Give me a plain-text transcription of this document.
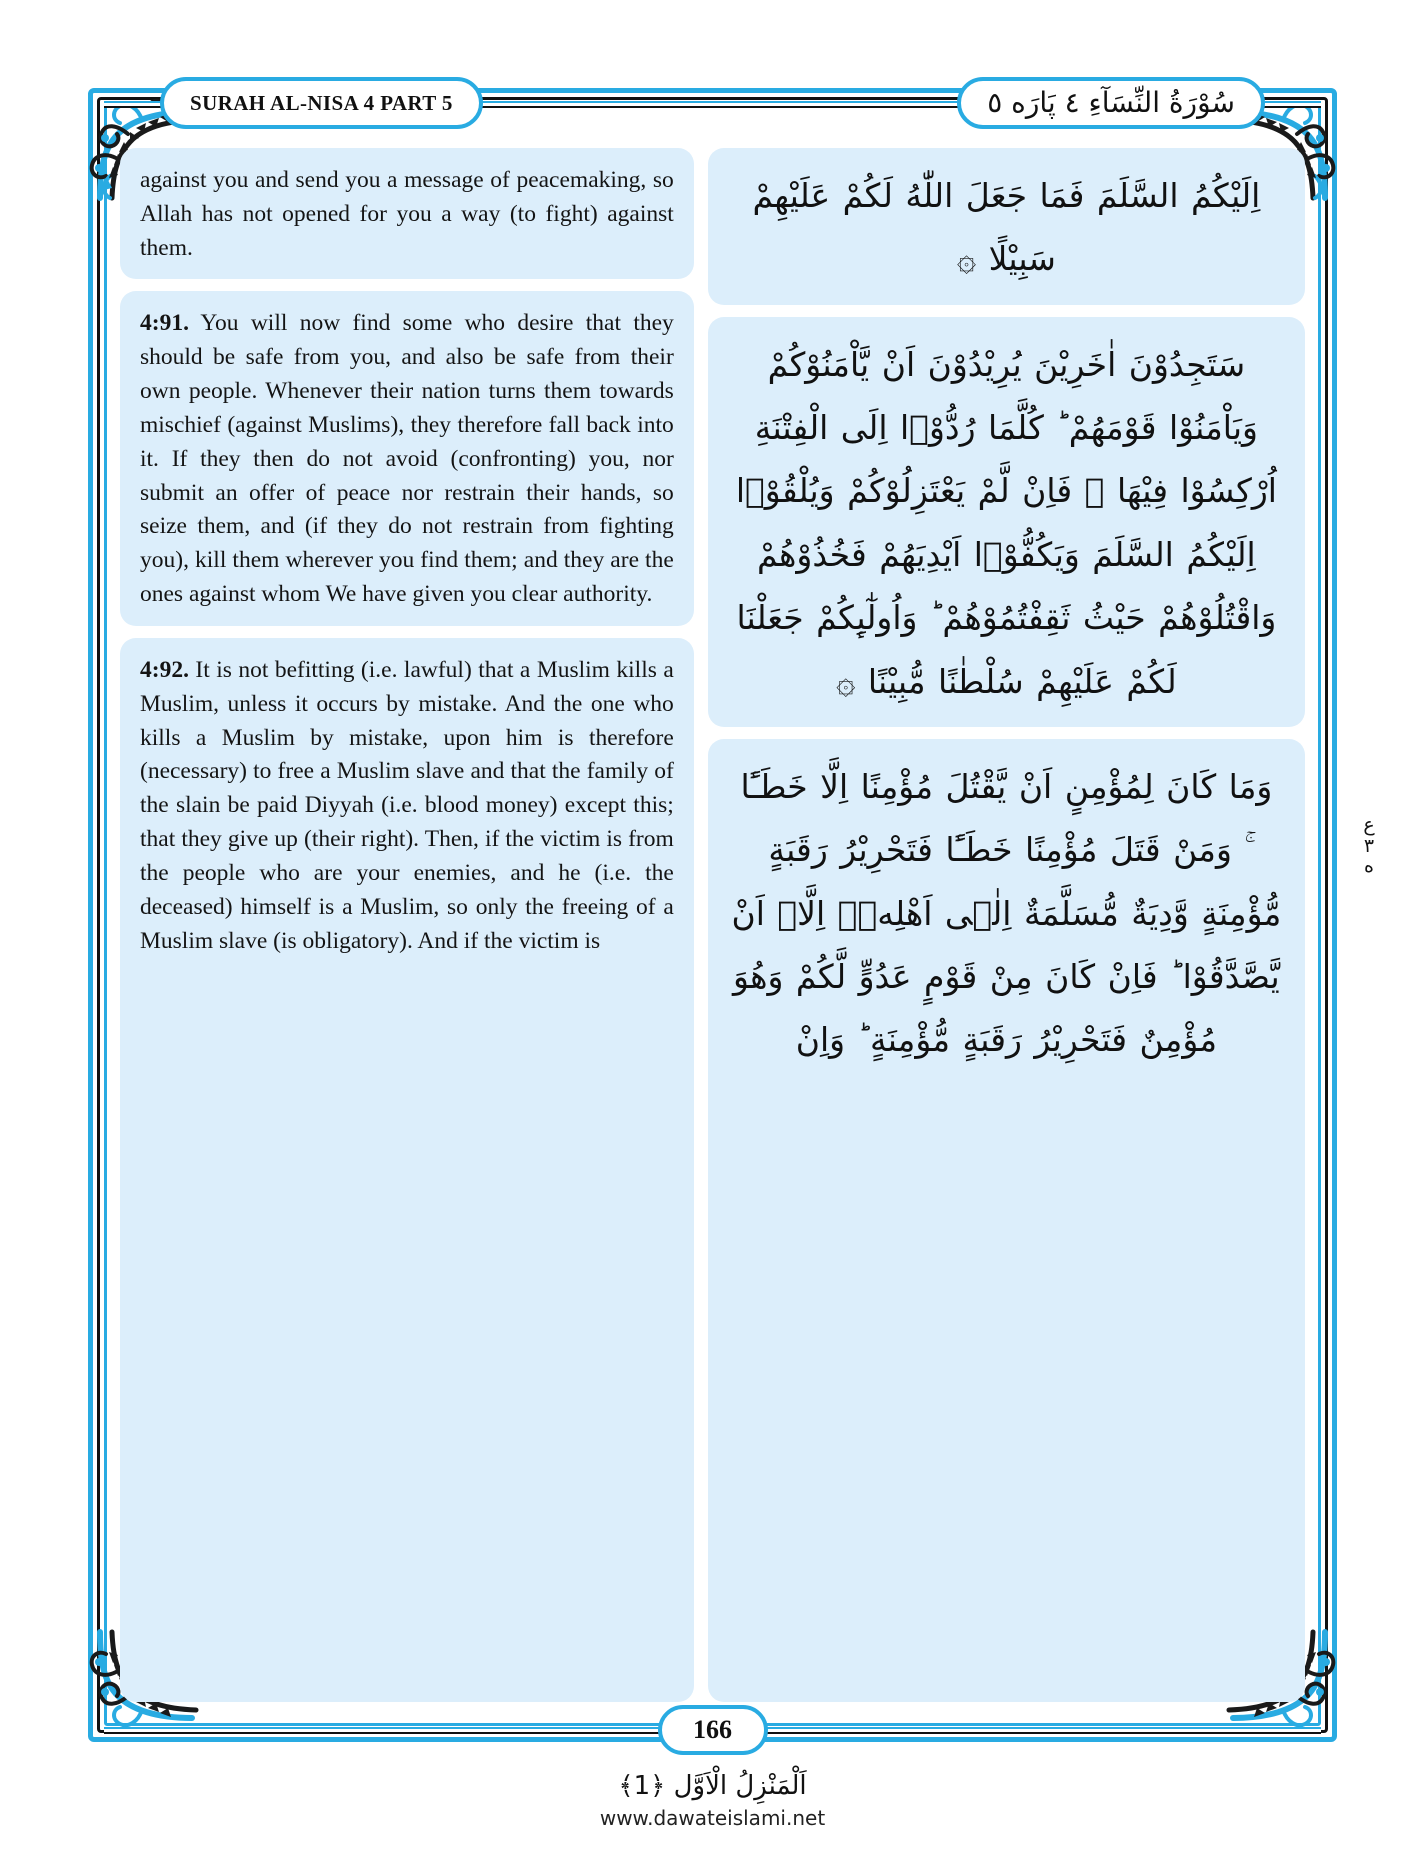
SURAH AL-NISA 4 PART 5	سُوْرَةُ النِّسَآءِ ٤ پَارَه ٥
against you and send you a message of peacemaking, so Allah has not opened for you a way (to fight) against them.
4:91. You will now find some who desire that they should be safe from you, and also be safe from their own people. Whenever their nation turns them towards mischief (against Muslims), they therefore fall back into it. If they then do not avoid (confronting) you, nor submit an offer of peace nor restrain their hands, so seize them, and (if they do not restrain from fighting you), kill them wherever you find them; and they are the ones against whom We have given you clear authority.
4:92. It is not befitting (i.e. lawful) that a Muslim kills a Muslim, unless it occurs by mistake. And the one who kills a Muslim by mistake, upon him is therefore (necessary) to free a Muslim slave and that the family of the slain be paid Diyyah (i.e. blood money) except this; that they give up (their right). Then, if the victim is from the people who are your enemies, and he (i.e. the deceased) himself is a Muslim, so only the freeing of a Muslim slave (is obligatory). And if the victim is
اِلَيْكُمُ السَّلَمَ فَمَا جَعَلَ اللّٰهُ لَكُمْ عَلَيْهِمْ سَبِيْلًا ۞
سَتَجِدُوْنَ اٰخَرِيْنَ يُرِيْدُوْنَ اَنْ يَّاْمَنُوْكُمْ وَيَاْمَنُوْا قَوْمَهُمْ ؕ كُلَّمَا رُدُّوْۤا اِلَى الْفِتْنَةِ اُرْكِسُوْا فِيْهَا ۚ فَاِنْ لَّمْ يَعْتَزِلُوْكُمْ وَيُلْقُوْۤا اِلَيْكُمُ السَّلَمَ وَيَكُفُّوْۤا اَيْدِيَهُمْ فَخُذُوْهُمْ وَاقْتُلُوْهُمْ حَيْثُ ثَقِفْتُمُوْهُمْ ؕ وَاُولٰٓىِٕكُمْ جَعَلْنَا لَكُمْ عَلَيْهِمْ سُلْطٰنًا مُّبِيْنًا ۞
وَمَا كَانَ لِمُؤْمِنٍ اَنْ يَّقْتُلَ مُؤْمِنًا اِلَّا خَطَـًٔا ۚ وَمَنْ قَتَلَ مُؤْمِنًا خَطَـًٔا فَتَحْرِيْرُ رَقَبَةٍ مُّؤْمِنَةٍ وَّدِيَةٌ مُّسَلَّمَةٌ اِلٰۤى اَهْلِهٖۤ اِلَّاۤ اَنْ يَّصَّدَّقُوْا ؕ فَاِنْ كَانَ مِنْ قَوْمٍ عَدُوٍّ لَّكُمْ وَهُوَ مُؤْمِنٌ فَتَحْرِيْرُ رَقَبَةٍ مُّؤْمِنَةٍ ؕ وَاِنْ
ع
٣
ه
166
اَلْمَنْزِلُ الْاَوَّل ﴿1﴾
www.dawateislami.net
